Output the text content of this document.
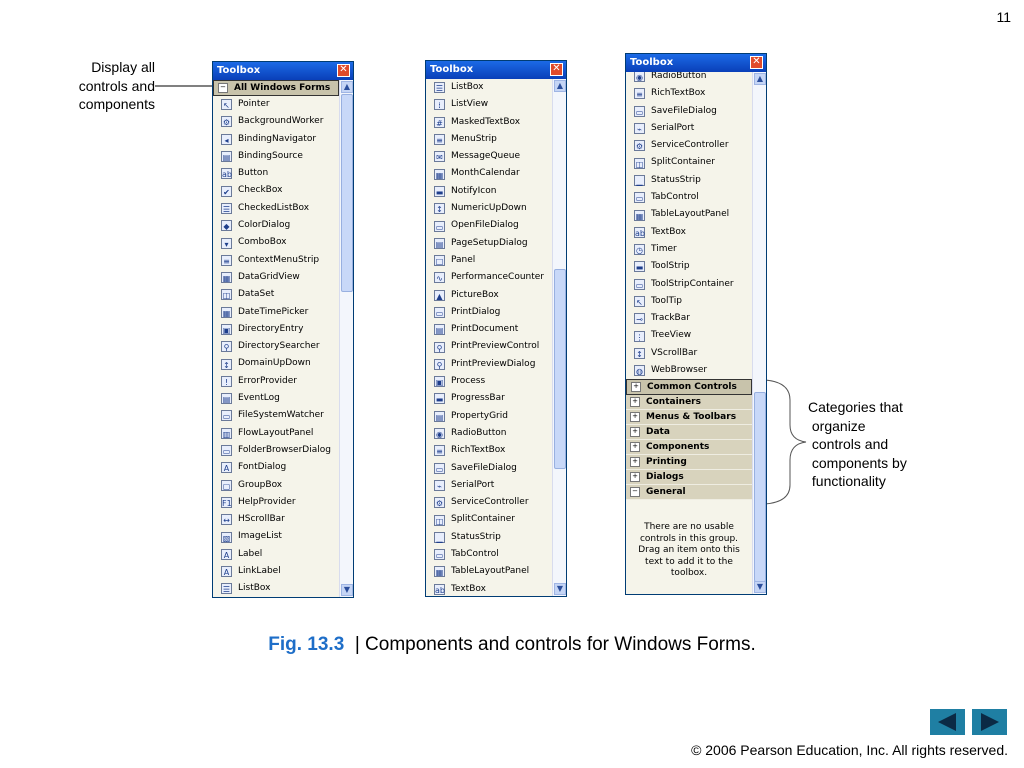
11
Display all
controls and
components
Categories that
organize
controls and
components by
functionality
Toolbox	✕
− All Windows Forms
↖ Pointer
⚙ BackgroundWorker
◂	BindingNavigator
▤ BindingSource
ab Button
✔ CheckBox
☰ CheckedListBox
◆ ColorDialog
▾	ComboBox
≡ ContextMenuStrip
▦ DataGridView
◫ DataSet
▦ DateTimePicker
▣ DirectoryEntry
⚲ DirectorySearcher
↕ DomainUpDown
!	ErrorProvider
▤ EventLog
▭ FileSystemWatcher
▥ FlowLayoutPanel
▭ FolderBrowserDialog
A FontDialog
▢ GroupBox
F1 HelpProvider
↔ HScrollBar
▧ ImageList
A Label
A LinkLabel
☰ ListBox
▲
▼
Toolbox	✕
☰ ListBox
⁞	ListView
# MaskedTextBox
≡ MenuStrip
✉ MessageQueue
▦ MonthCalendar
▬ NotifyIcon
↕ NumericUpDown
▭ OpenFileDialog
▤ PageSetupDialog
□ Panel
∿ PerformanceCounter
▲ PictureBox
▭ PrintDialog
▤ PrintDocument
⚲ PrintPreviewControl
⚲ PrintPreviewDialog
▣ Process
▬ ProgressBar
▤ PropertyGrid
◉ RadioButton
≡ RichTextBox
▭ SaveFileDialog
⌁	SerialPort
⚙ ServiceController
◫ SplitContainer
▁ StatusStrip
▭ TabControl
▦ TableLayoutPanel
ab TextBox
▲
▼
Toolbox	✕
◉ RadioButton
≡ RichTextBox
▭ SaveFileDialog
⌁	SerialPort
⚙ ServiceController
◫ SplitContainer
▁ StatusStrip
▭ TabControl
▦ TableLayoutPanel
ab TextBox
◷ Timer
▬ ToolStrip
▭ ToolStripContainer
↖ ToolTip
⊸ TrackBar
⋮ TreeView
↕ VScrollBar
◍ WebBrowser
+ Common Controls
+ Containers
+ Menus & Toolbars
+ Data
+ Components
+ Printing
+ Dialogs
− General
There are no usable controls in this group. Drag an item onto this text to add it to the toolbox.
▲
▼
Fig. 13.3  | Components and controls for Windows Forms.
© 2006 Pearson Education, Inc. All rights reserved.
